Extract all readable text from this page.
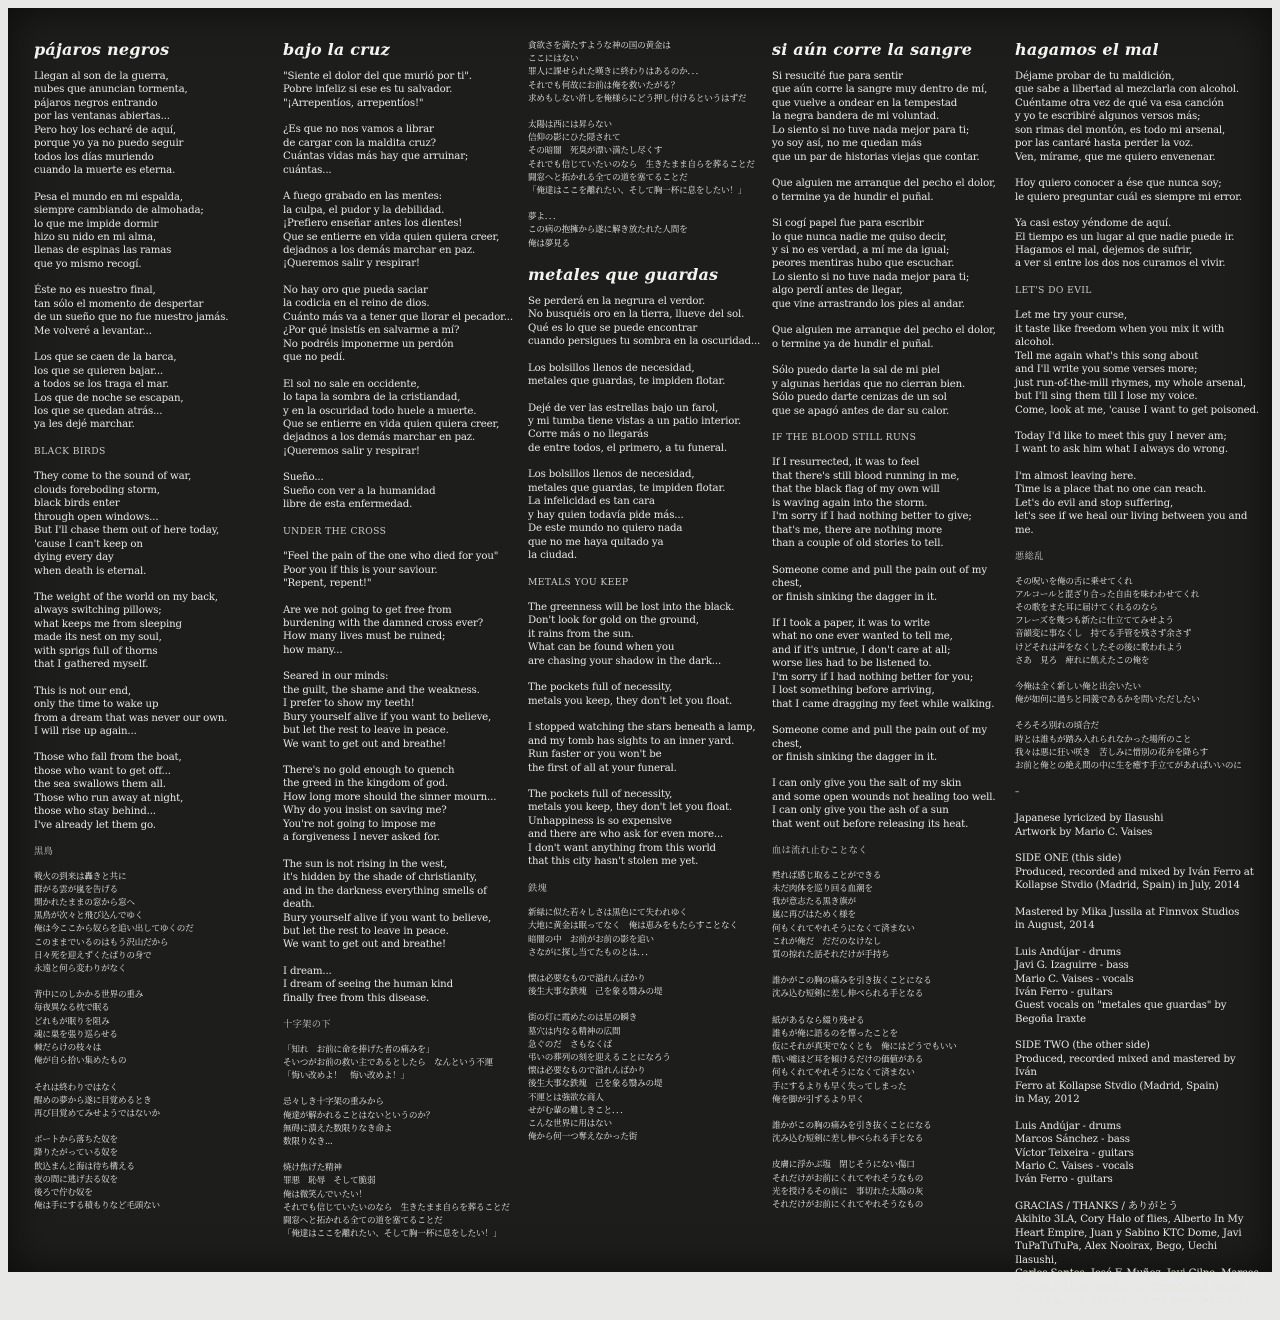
pájaros negros
Llegan al son de la guerra,
nubes que anuncian tormenta,
pájaros negros entrando
por las ventanas abiertas...
Pero hoy los echaré de aquí,
porque yo ya no puedo seguir
todos los días muriendo
cuando la muerte es eterna.
Pesa el mundo en mi espalda,
siempre cambiando de almohada;
lo que me impide dormir
hizo su nido en mi alma,
llenas de espinas las ramas
que yo mismo recogí.
Éste no es nuestro final,
tan sólo el momento de despertar
de un sueño que no fue nuestro jamás.
Me volveré a levantar...
Los que se caen de la barca,
los que se quieren bajar...
a todos se los traga el mar.
Los que de noche se escapan,
los que se quedan atrás...
ya les dejé marchar.
BLACK BIRDS
They come to the sound of war,
clouds foreboding storm,
black birds enter
through open windows...
But I'll chase them out of here today,
'cause I can't keep on
dying every day
when death is eternal.
The weight of the world on my back,
always switching pillows;
what keeps me from sleeping
made its nest on my soul,
with sprigs full of thorns
that I gathered myself.
This is not our end,
only the time to wake up
from a dream that was never our own.
I will rise up again...
Those who fall from the boat,
those who want to get off...
the sea swallows them all.
Those who run away at night,
those who stay behind...
I've already let them go.
黒鳥
戦火の到来は轟きと共に
群がる雲が嵐を告げる
開かれたままの窓から窓へ
黒鳥が次々と飛び込んでゆく
俺は今ここから奴らを追い出してゆくのだ
このままでいるのはもう沢山だから
日々死を迎えずくたばりの身で
永遠と何ら変わりがなく
背中にのしかかる世界の重み
毎夜異なる枕で眠る
どれもが眠りを阻み
魂に巣を張り巡らせる
棘だらけの枝々は
俺が自ら拾い集めたもの
それは終わりではなく
醒めの夢から遂に目覚めるとき
再び目覚めてみせようではないか
ボートから落ちた奴を
降りたがっている奴を
飲込まんと海は待ち構える
夜の間に逃げ去る奴を
後ろで佇む奴を
俺は手にする積もりなど毛頭ない
bajo la cruz
"Siente el dolor del que murió por ti".
Pobre infeliz si ese es tu salvador.
"¡Arrepentíos, arrepentíos!"
¿Es que no nos vamos a librar
de cargar con la maldita cruz?
Cuántas vidas más hay que arruinar;
cuántas...
A fuego grabado en las mentes:
la culpa, el pudor y la debilidad.
¡Prefiero enseñar antes los dientes!
Que se entierre en vida quien quiera creer,
dejadnos a los demás marchar en paz.
¡Queremos salir y respirar!
No hay oro que pueda saciar
la codicia en el reino de dios.
Cuánto más va a tener que llorar el pecador...
¿Por qué insistís en salvarme a mí?
No podréis imponerme un perdón
que no pedí.
El sol no sale en occidente,
lo tapa la sombra de la cristiandad,
y en la oscuridad todo huele a muerte.
Que se entierre en vida quien quiera creer,
dejadnos a los demás marchar en paz.
¡Queremos salir y respirar!
Sueño...
Sueño con ver a la humanidad
libre de esta enfermedad.
UNDER THE CROSS
"Feel the pain of the one who died for you"
Poor you if this is your saviour.
"Repent, repent!"
Are we not going to get free from
burdening with the damned cross ever?
How many lives must be ruined;
how many...
Seared in our minds:
the guilt, the shame and the weakness.
I prefer to show my teeth!
Bury yourself alive if you want to believe,
but let the rest to leave in peace.
We want to get out and breathe!
There's no gold enough to quench
the greed in the kingdom of god.
How long more should the sinner mourn...
Why do you insist on saving me?
You're not going to impose me
a forgiveness I never asked for.
The sun is not rising in the west,
it's hidden by the shade of christianity,
and in the darkness everything smells of death.
Bury yourself alive if you want to believe,
but let the rest to leave in peace.
We want to get out and breathe!
I dream...
I dream of seeing the human kind
finally free from this disease.
十字架の下
「知れ　お前に命を捧げた者の痛みを」
そいつがお前の救い主であるとしたら　なんという不運
「悔い改めよ！　悔い改めよ！」
忌々しき十字架の重みから
俺達が解かれることはないというのか？
無碍に潰えた数限りなき命よ
数限りなき...
焼け焦げた精神
罪悪　恥辱　そして脆弱
俺は微笑んでいたい！
それでも信じていたいのなら　生きたまま自らを葬ることだ
闘窓へと拓かれる全ての道を塞てることだ
「俺達はここを離れたい、そして胸一杯に息をしたい！」
貪欲さを満たすような神の国の黄金は
ここにはない
罪人に課せられた嘆きに終わりはあるのか．．．
それでも何故にお前は俺を救いたがる？
求めもしない許しを俺様らにどう押し付けるというはずだ
太陽は西には昇らない
信仰の影にひた隠されて
その暗闇　死臭が漂い満たし尽くす
それでも信じていたいのなら　生きたまま自らを葬ることだ
闘窓へと拓かれる全ての道を塞てることだ
「俺達はここを離れたい、そして胸一杯に息をしたい！」
夢よ．．．
この病の抱擁から遂に解き放たれた人間を
俺は夢見る
metales que guardas
Se perderá en la negrura el verdor.
No busquéis oro en la tierra, llueve del sol.
Qué es lo que se puede encontrar
cuando persigues tu sombra en la oscuridad...
Los bolsillos llenos de necesidad,
metales que guardas, te impiden flotar.
Dejé de ver las estrellas bajo un farol,
y mi tumba tiene vistas a un patio interior.
Corre más o no llegarás
de entre todos, el primero, a tu funeral.
Los bolsillos llenos de necesidad,
metales que guardas, te impiden flotar.
La infelicidad es tan cara
y hay quien todavía pide más...
De este mundo no quiero nada
que no me haya quitado ya
la ciudad.
METALS YOU KEEP
The greenness will be lost into the black.
Don't look for gold on the ground,
it rains from the sun.
What can be found when you
are chasing your shadow in the dark...
The pockets full of necessity,
metals you keep, they don't let you float.
I stopped watching the stars beneath a lamp,
and my tomb has sights to an inner yard.
Run faster or you won't be
the first of all at your funeral.
The pockets full of necessity,
metals you keep, they don't let you float.
Unhappiness is so expensive
and there are who ask for even more...
I don't want anything from this world
that this city hasn't stolen me yet.
鉄塊
新緑に似た若々しさは黒色にて失われゆく
大地に黄金は眠ってなく　俺は恵みをもたらすことなく
暗闇の中　お前がお前の影を追い
さながに探し当てたものとは．．．
懐は必要なもので溢れんばかり
後生大事な鉄塊　己を象る翳みの堤
街の灯に霞めたのは星の瞬き
墓穴は内なる精神の広間
急ぐのだ　さもなくば
弔いの葬列の刻を迎えることになろう
懐は必要なもので溢れんばかり
後生大事な鉄塊　己を象る翳みの堤
不運とは強欲な商人
せがむ輩の難しきこと．．．
こんな世界に用はない
俺から何一つ奪えなかった街
si aún corre la sangre
Si resucité fue para sentir
que aún corre la sangre muy dentro de mí,
que vuelve a ondear en la tempestad
la negra bandera de mi voluntad.
Lo siento si no tuve nada mejor para ti;
yo soy así, no me quedan más
que un par de historias viejas que contar.
Que alguien me arranque del pecho el dolor,
o termine ya de hundir el puñal.
Si cogí papel fue para escribir
lo que nunca nadie me quiso decir,
y si no es verdad, a mí me da igual;
peores mentiras hubo que escuchar.
Lo siento si no tuve nada mejor para ti;
algo perdí antes de llegar,
que vine arrastrando los pies al andar.
Que alguien me arranque del pecho el dolor,
o termine ya de hundir el puñal.
Sólo puedo darte la sal de mi piel
y algunas heridas que no cierran bien.
Sólo puedo darte cenizas de un sol
que se apagó antes de dar su calor.
IF THE BLOOD STILL RUNS
If I resurrected, it was to feel
that there's still blood running in me,
that the black flag of my own will
is waving again into the storm.
I'm sorry if I had nothing better to give;
that's me, there are nothing more
than a couple of old stories to tell.
Someone come and pull the pain out of my chest,
or finish sinking the dagger in it.
If I took a paper, it was to write
what no one ever wanted to tell me,
and if it's untrue, I don't care at all;
worse lies had to be listened to.
I'm sorry if I had nothing better for you;
I lost something before arriving,
that I came dragging my feet while walking.
Someone come and pull the pain out of my chest,
or finish sinking the dagger in it.
I can only give you the salt of my skin
and some open wounds not healing too well.
I can only give you the ash of a sun
that went out before releasing its heat.
血は流れ止むことなく
甦れば感じ取ることができる
未だ肉体を巡り回る血潮を
我が意志たる黒き旗が
嵐に再びはためく様を
何もくれてやれそうになくて済まない
これが俺だ　だだのなけなし
質の掠れた話それだけが手持ち
誰かがこの胸の痛みを引き抜くことになる
沈み込む短剣に差し伸べられる手となる
紙があるなら綴り残せる
誰もが俺に語るのを憚ったことを
仮にそれが真実でなくとも　俺にはどうでもいい
酷い嘘ほど耳を傾けるだけの価値がある
何もくれてやれそうになくて済まない
手にするよりも早く失ってしまった
俺を脚が引ずるより早く
誰かがこの胸の痛みを引き抜くことになる
沈み込む短剣に差し伸べられる手となる
皮膚に浮かぶ塩　閉じそうにない傷口
それだけがお前にくれてやれそうなもの
光を授けるその前に　事切れた太陽の灰
それだけがお前にくれてやれそうなもの
hagamos el mal
Déjame probar de tu maldición,
que sabe a libertad al mezclarla con alcohol.
Cuéntame otra vez de qué va esa canción
y yo te escribiré algunos versos más;
son rimas del montón, es todo mi arsenal,
por las cantaré hasta perder la voz.
Ven, mírame, que me quiero envenenar.
Hoy quiero conocer a ése que nunca soy;
le quiero preguntar cuál es siempre mi error.
Ya casi estoy yéndome de aquí.
El tiempo es un lugar al que nadie puede ir.
Hagamos el mal, dejemos de sufrir,
a ver si entre los dos nos curamos el vivir.
LET'S DO EVIL
Let me try your curse,
it taste like freedom when you mix it with alcohol.
Tell me again what's this song about
and I'll write you some verses more;
just run-of-the-mill rhymes, my whole arsenal,
but I'll sing them till I lose my voice.
Come, look at me, 'cause I want to get poisoned.
Today I'd like to meet this guy I never am;
I want to ask him what I always do wrong.
I'm almost leaving here.
Time is a place that no one can reach.
Let's do evil and stop suffering,
let's see if we heal our living between you and me.
悪総乱
その呪いを俺の舌に乗せてくれ
アルコールと混ざり合った自由を味わわせてくれ
その歌をまた耳に届けてくれるのなら
フレーズを幾つも新たに仕立ててみせよう
音韻変に事なくし　持てる手管を残さず余さず
けどそれは声をなくしたその後に歌われよう
さあ　見ろ　痺れに飢えたこの俺を
今俺は全く新しい俺と出会いたい
俺が如何に過ちと同義であるかを問いただしたい
そろそろ別れの頃合だ
時とは誰もが踏み入れられなかった場所のこと
我々は悪に狂い咲き　苦しみに惜別の花弁を降らす
お前と俺との絶え間の中に生を癒す手立てがあれぱいいのに
–
Japanese lyricized by Ilasushi
Artwork by Mario C. Vaises
SIDE ONE (this side)
Produced, recorded and mixed by Iván Ferro at
Kollapse Stvdio (Madrid, Spain) in July, 2014
Mastered by Mika Jussila at Finnvox Studios
in August, 2014
Luis Andújar - drums
Javi G. Izaguirre - bass
Mario C. Vaises - vocals
Iván Ferro - guitars
Guest vocals on "metales que guardas" by
Begoña Iraxte
SIDE TWO (the other side)
Produced, recorded mixed and mastered by Iván
Ferro at Kollapse Stvdio (Madrid, Spain)
in May, 2012
Luis Andújar - drums
Marcos Sánchez - bass
Víctor Teixeira - guitars
Mario C. Vaises - vocals
Iván Ferro - guitars
GRACIAS / THANKS / ありがとう
Akihito 3LA, Cory Halo of flies, Alberto In My
Heart Empire, Juan y Sabino KTC Dome, Javi
TuPaTuTuPa, Alex Nooirax, Bego, Uechi Ilasushi,
Carlos Santos, José F. Muñoz, Javi Gilpe, Marcos
Sánchez, Mika Jussila... all friends and bands
who help us in any way... keep your flame alive!
